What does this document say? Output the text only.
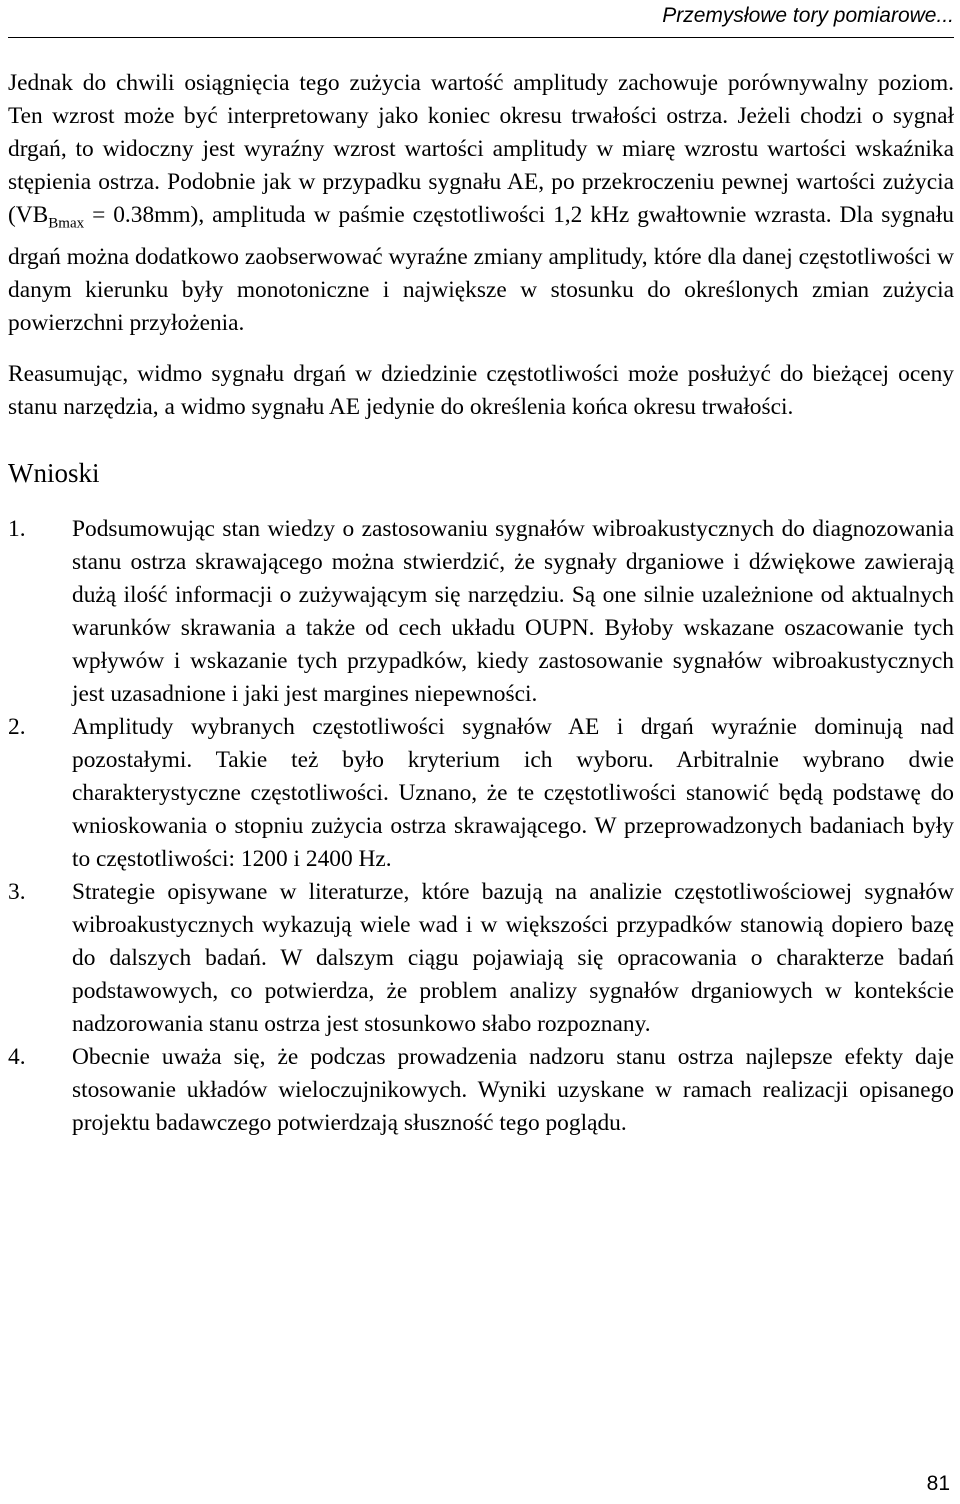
Przemysłowe tory pomiarowe...

Jednak do chwili osiągnięcia tego zużycia wartość amplitudy zachowuje porównywalny poziom. Ten wzrost może być interpretowany jako koniec okresu trwałości ostrza. Jeżeli chodzi o sygnał drgań, to widoczny jest wyraźny wzrost wartości amplitudy w miarę wzrostu wartości wskaźnika stępienia ostrza. Podobnie jak w przypadku sygnału AE, po przekroczeniu pewnej wartości zużycia $(VB_{Bmax} = 0.38mm)$, amplituda w paśmie częstotliwości 1,2 kHz gwałtownie wzrasta. Dla sygnału drgań można dodatkowo zaobserwować wyraźne zmiany amplitudy, które dla danej częstotliwości w danym kierunku były monotoniczne i największe w stosunku do określonych zmian zużycia powierzchni przyłożenia.

Reasumując, widmo sygnału drgań w dziedzinie częstotliwości może posłużyć do bieżącej oceny stanu narzędzia, a widmo sygnału AE jedynie do określenia końca okresu trwałości.

Wnioski
1. Podsumowując stan wiedzy o zastosowaniu sygnałów wibroakustycznych do diagnozowania stanu ostrza skrawającego można stwierdzić, że sygnały drganiowe i dźwiękowe zawierają dużą ilość informacji o zużywającym się narzędziu. Są one silnie uzależnione od aktualnych warunków skrawania a także od cech układu OUPN. Byłoby wskazane oszacowanie tych wpływów i wskazanie tych przypadków, kiedy zastosowanie sygnałów wibroakustycznych jest uzasadnione i jaki jest margines niepewności.
2. Amplitudy wybranych częstotliwości sygnałów AE i drgań wyraźnie dominują nad pozostałymi. Takie też było kryterium ich wyboru. Arbitralnie wybrano dwie charakterystyczne częstotliwości. Uznano, że te częstotliwości stanowić będą podstawę do wnioskowania o stopniu zużycia ostrza skrawającego. W przeprowadzonych badaniach były to częstotliwości: 1200 i 2400 Hz.
3. Strategie opisywane w literaturze, które bazują na analizie częstotliwościowej sygnałów wibroakustycznych wykazują wiele wad i w większości przypadków stanowią dopiero bazę do dalszych badań. W dalszym ciągu pojawiają się opracowania o charakterze badań podstawowych, co potwierdza, że problem analizy sygnałów drganiowych w kontekście nadzorowania stanu ostrza jest stosunkowo słabo rozpoznany.
4. Obecnie uważa się, że podczas prowadzenia nadzoru stanu ostrza najlepsze efekty daje stosowanie układów wieloczujnikowych. Wyniki uzyskane w ramach realizacji opisanego projektu badawczego potwierdzają słuszność tego poglądu.
81
